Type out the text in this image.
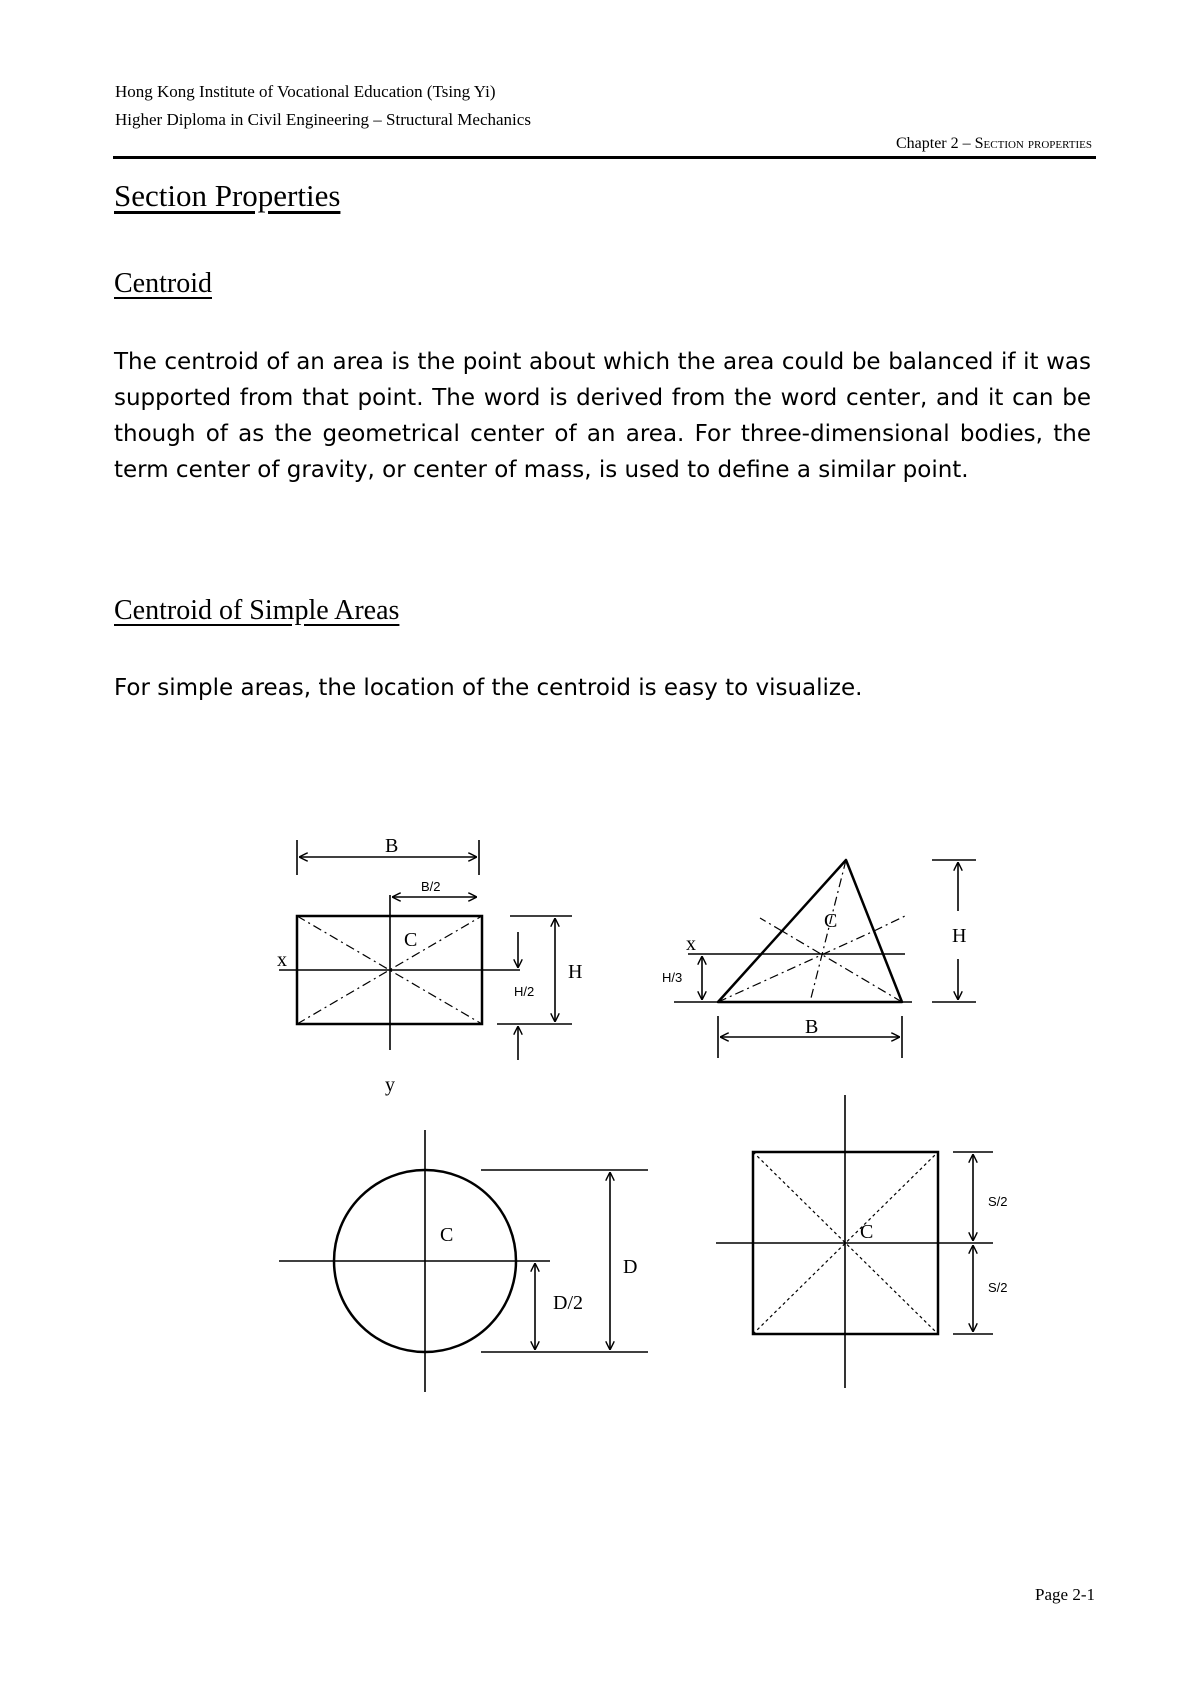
Hong Kong Institute of Vocational Education (Tsing Yi)
Higher Diploma in Civil Engineering – Structural Mechanics
Chapter 2 – Section properties
Section Properties
Centroid
The centroid of an area is the point about which the area could be balanced if it was supported from that point. The word is derived from the word center, and it can be though of as the geometrical center of an area. For three-dimensional bodies, the term center of gravity, or center of mass, is used to define a similar point.
Centroid of Simple Areas
For simple areas, the location of the centroid is easy to visualize.
B
B/2
C
x
y
H
H/2
C
x
H/3
H
B
C
D
D/2
C
S/2
S/2
Page 2-1
